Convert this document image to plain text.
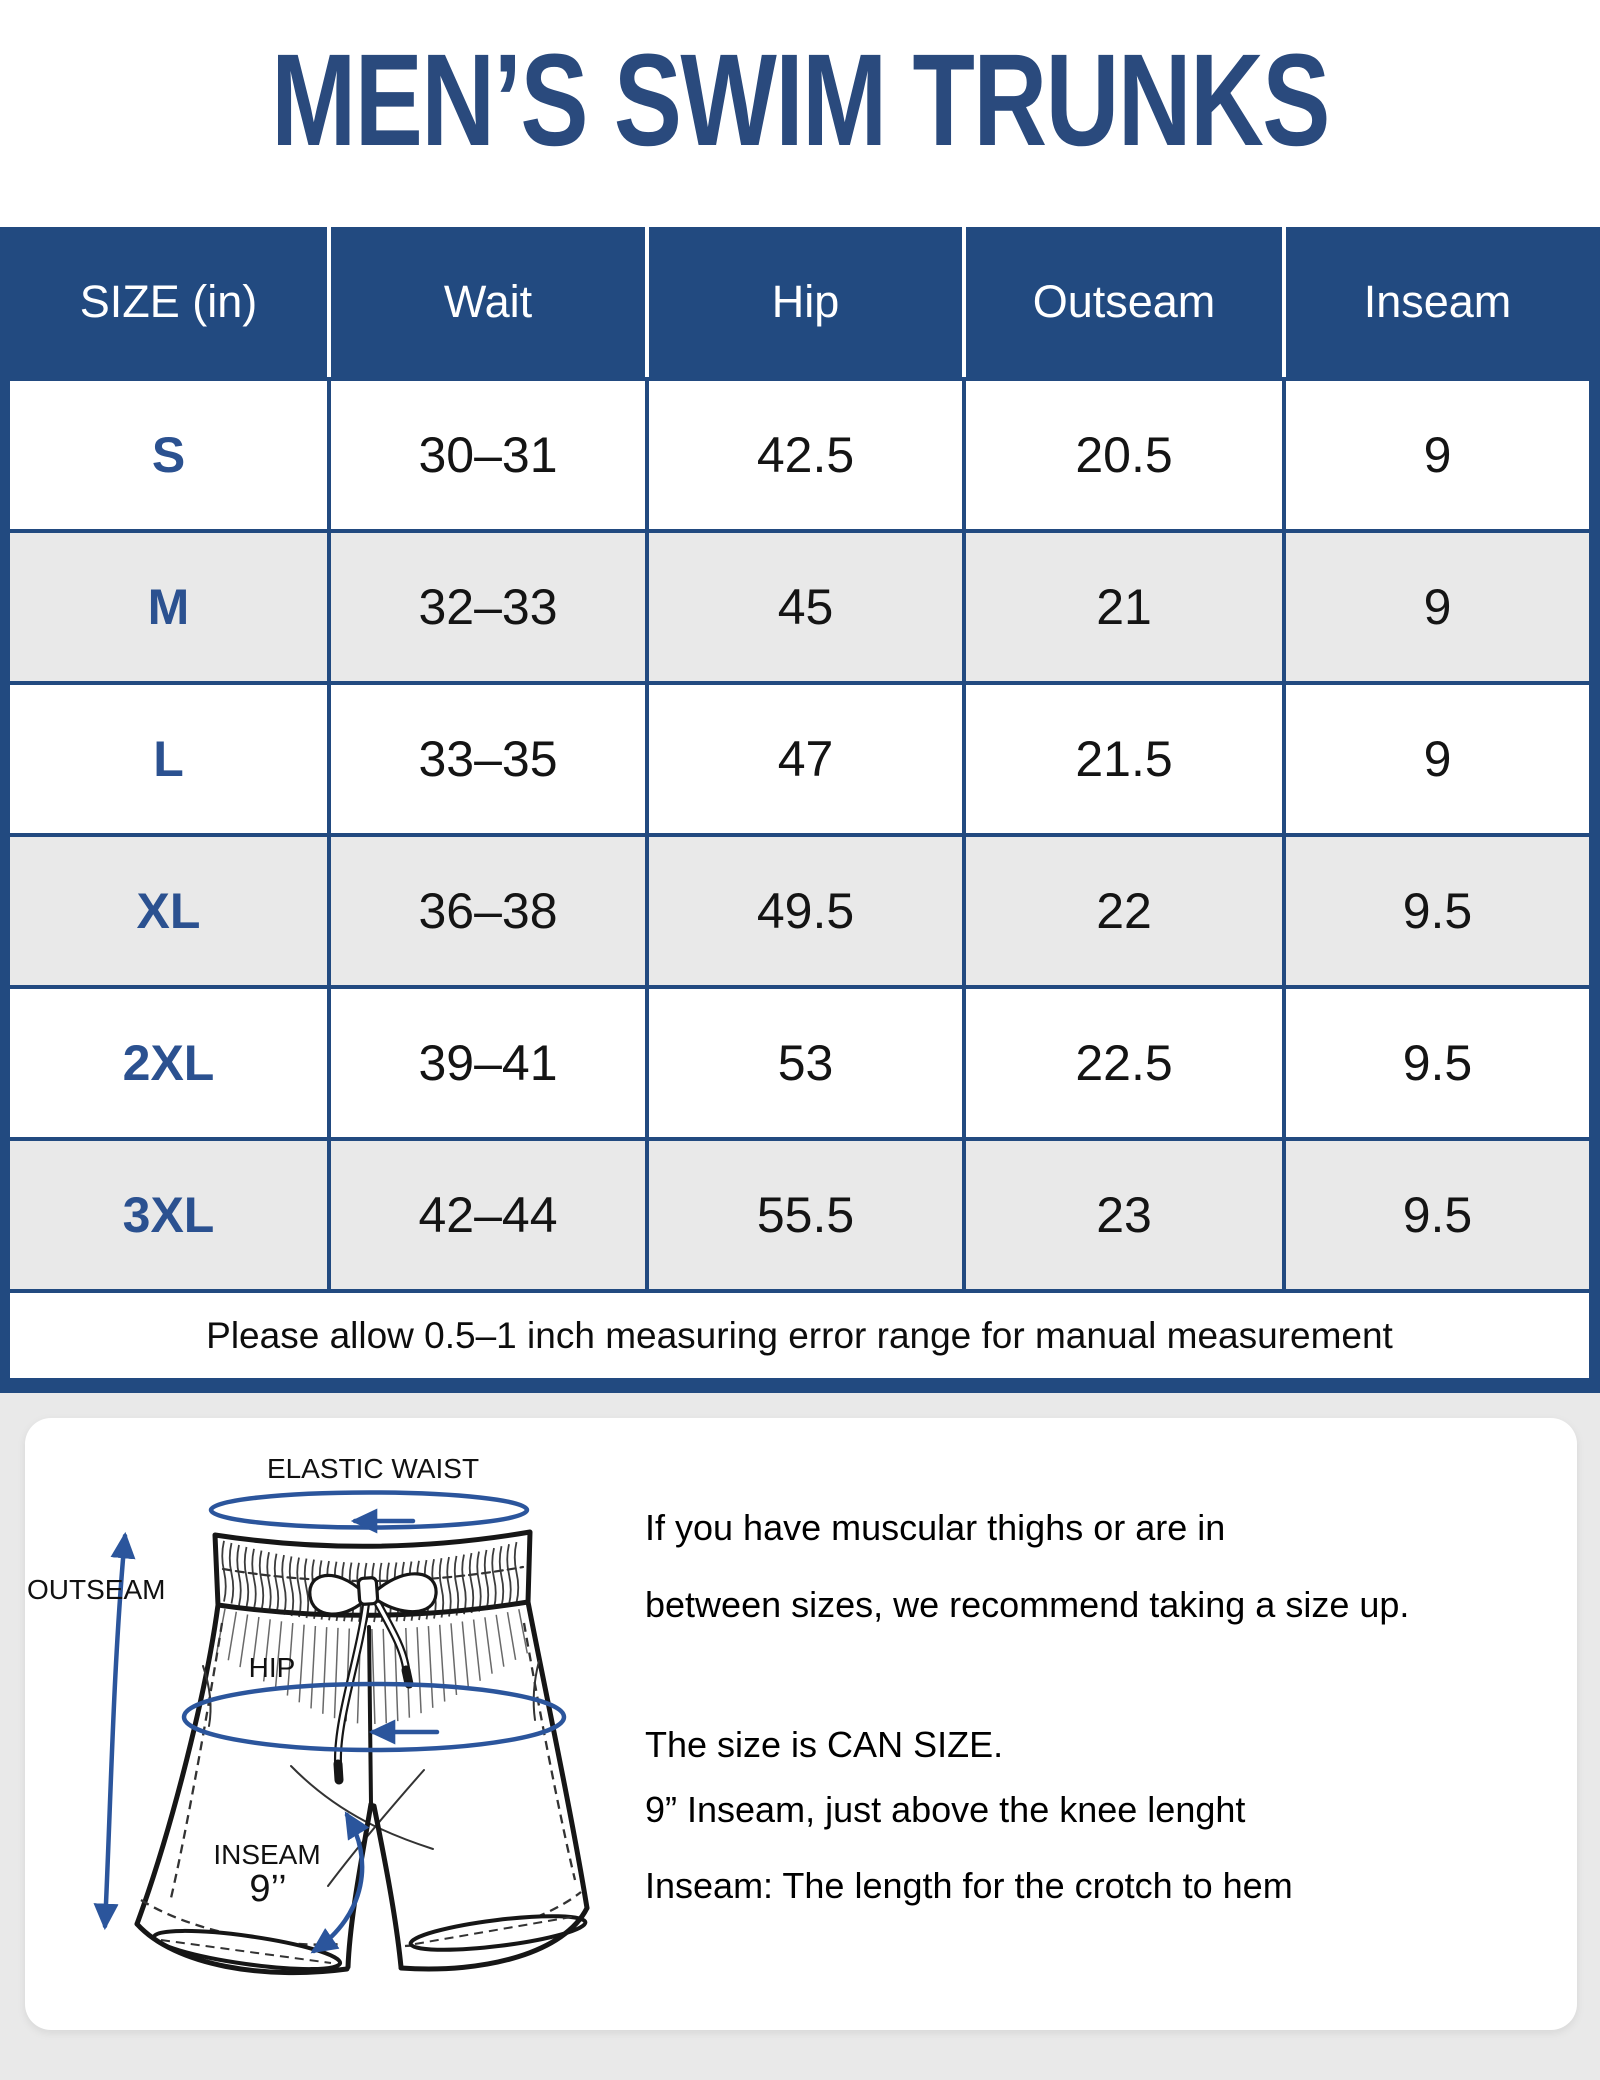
MEN’S SWIM TRUNKS
SIZE (in)	Wait	Hip	Outseam	Inseam
S	30–31	42.5	20.5	9
M	32–33	45	21	9
L	33–35	47	21.5	9
XL	36–38	49.5	22	9.5
2XL	39–41	53	22.5	9.5
3XL	42–44	55.5	23	9.5
Please allow 0.5–1 inch measuring error range for manual measurement
ELASTIC WAIST
OUTSEAM
HIP
INSEAM
9’’
If you have muscular thighs or are in
between sizes, we recommend taking a size up.
The size is CAN SIZE.
9” Inseam, just above the knee lenght
Inseam: The length for the crotch to hem
